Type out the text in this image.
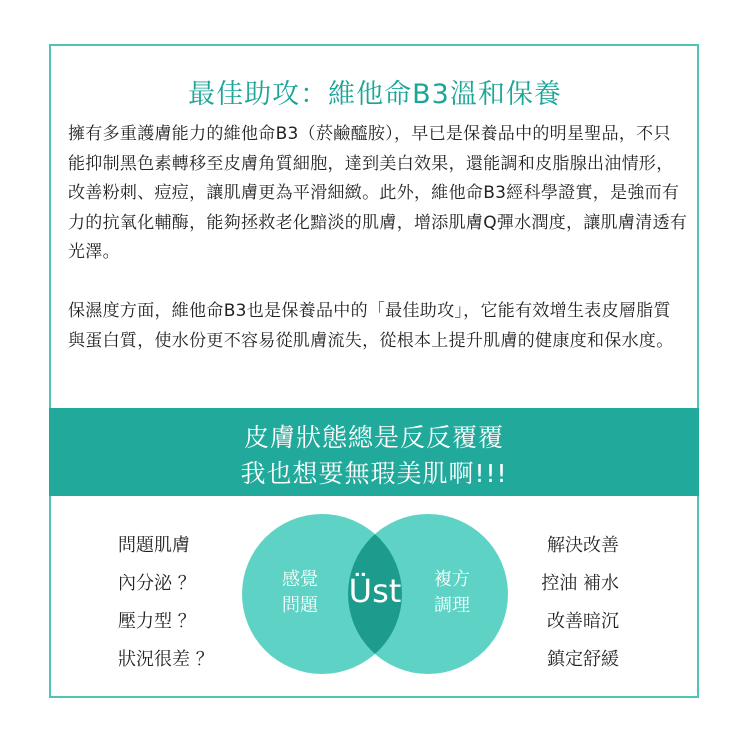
最佳助攻：維他命B3溫和保養

擁有多重護膚能力的維他命B3（菸鹼醯胺），早已是保養品中的明星聖品，不只能抑制黑色素轉移至皮膚角質細胞，達到美白效果，還能調和皮脂腺出油情形，改善粉刺、痘痘，讓肌膚更為平滑細緻。此外，維他命B3經科學證實，是強而有力的抗氧化輔酶，能夠拯救老化黯淡的肌膚，增添肌膚Q彈水潤度，讓肌膚清透有光澤。

保濕度方面，維他命B3也是保養品中的「最佳助攻」，它能有效增生表皮層脂質與蛋白質，使水份更不容易從肌膚流失，從根本上提升肌膚的健康度和保水度。

皮膚狀態總是反反覆覆
我也想要無瑕美肌啊!!!
問題肌膚
內分泌 ？
壓力型 ？
狀況很差 ？
解決改善
控油 補水
改善暗沉
鎮定舒緩
感覺
問題 Üst	複方
調理
